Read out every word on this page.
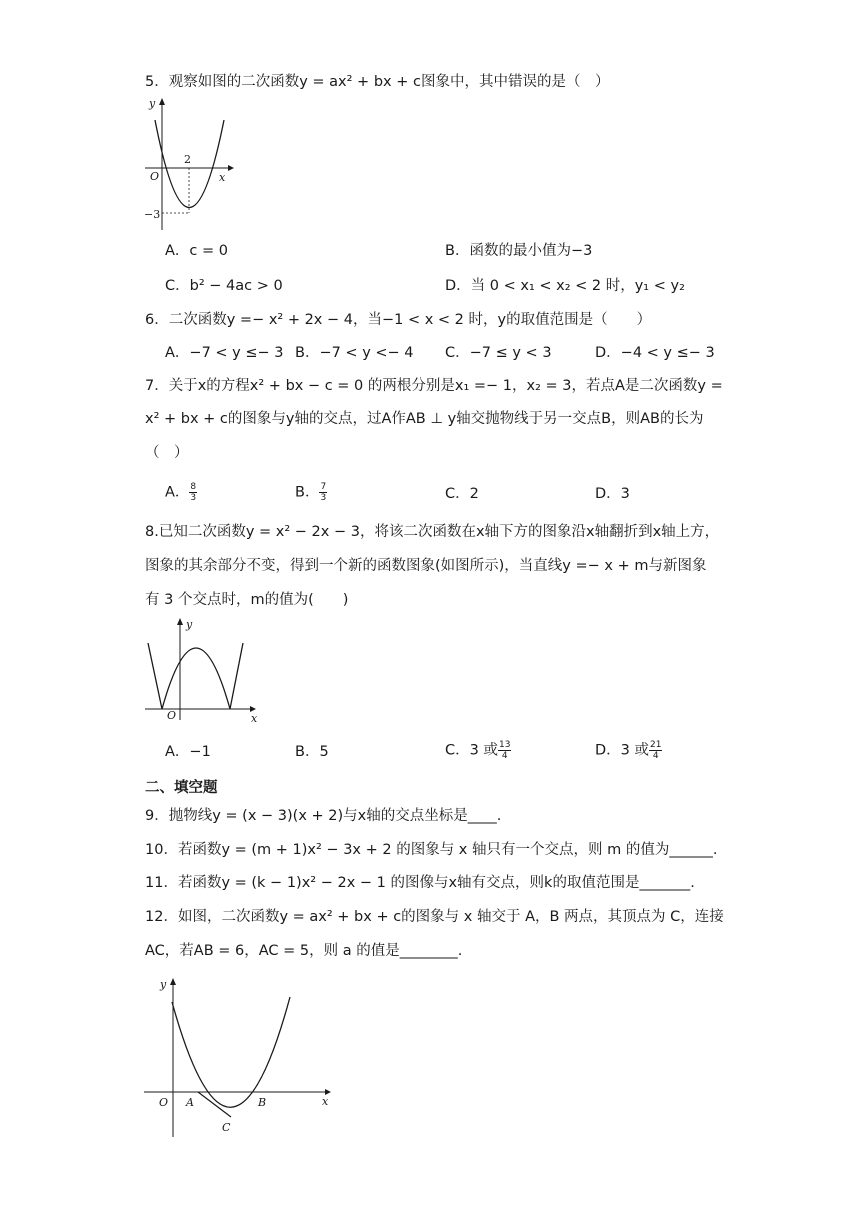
5．观察如图的二次函数y = ax² + bx + c图象中，其中错误的是（　）
y
x
O
2
−3
A．c = 0	B．函数的最小值为−3
C．b² − 4ac > 0	D．当 0 < x₁ < x₂ < 2 时，y₁ < y₂
6．二次函数y =− x² + 2x − 4，当−1 < x < 2 时，y的取值范围是（　　）
A．−7 < y ≤− 3 B．−7 < y <− 4 C．−7 ≤ y < 3	D．−4 < y ≤− 3
7．关于x的方程x² + bx − c = 0 的两根分别是x₁ =− 1，x₂ = 3，若点A是二次函数y =
x² + bx + c的图象与y轴的交点，过A作AB ⊥ y轴交抛物线于另一交点B，则AB的长为
（　）
A． $\frac{8}{3}$	B． $\frac{7}{3}$	C．2	D．3
8.已知二次函数y = x² − 2x − 3，将该二次函数在x轴下方的图象沿x轴翻折到x轴上方，
图象的其余部分不变，得到一个新的函数图象(如图所示)，当直线y =− x + m与新图象
有 3 个交点时，m的值为(　　)
y
x
O
A．−1	B．5	C．3 或 $\frac{13}{4}$	D．3 或 $\frac{21}{4}$
二、填空题
9．抛物线y = (x − 3)(x + 2)与x轴的交点坐标是____.
10．若函数y = (m + 1)x² − 3x + 2 的图象与 x 轴只有一个交点，则 m 的值为______.
11．若函数y = (k − 1)x² − 2x − 1 的图像与x轴有交点，则k的取值范围是_______.
12．如图，二次函数y = ax² + bx + c的图象与 x 轴交于 A，B 两点，其顶点为 C，连接
AC，若AB = 6，AC = 5，则 a 的值是________.
y
x
O A	B
C
